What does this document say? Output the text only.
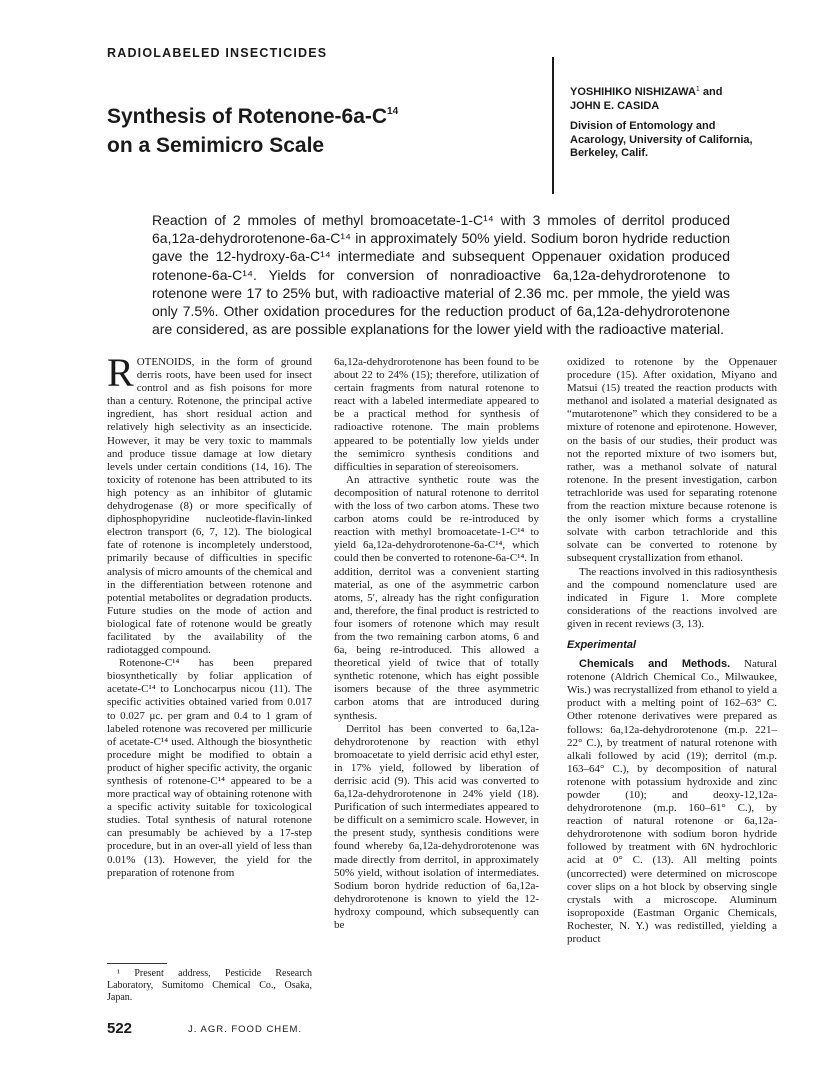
RADIOLABELED INSECTICIDES
Synthesis of Rotenone-$6a-C^{14}$
on a Semimicro Scale
YOSHIHIKO NISHIZAWA$^1$ and
JOHN E. CASIDA
Division of Entomology and
Acarology, University of California,
Berkeley, Calif.

Reaction of 2 mmoles of methyl bromoacetate-1-C¹⁴ with 3 mmoles of derritol produced 6a,12a-dehydrorotenone-6a-C¹⁴ in approximately 50% yield. Sodium boron hydride reduction gave the 12-hydroxy-6a-C¹⁴ intermediate and subsequent Oppenauer oxidation produced rotenone-6a-C¹⁴. Yields for conversion of nonradioactive 6a,12a-dehydrorotenone to rotenone were 17 to 25% but, with radioactive material of 2.36 mc. per mmole, the yield was only 7.5%. Other oxidation procedures for the reduction product of 6a,12a-dehydrorotenone are considered, as are possible explanations for the lower yield with the radioactive material.

ROTENOIDS, in the form of ground derris roots, have been used for insect control and as fish poisons for more than a century. Rotenone, the principal active ingredient, has short residual action and relatively high selectivity as an insecticide. However, it may be very toxic to mammals and produce tissue damage at low dietary levels under certain conditions (14, 16). The toxicity of rotenone has been attributed to its high potency as an inhibitor of glutamic dehydrogenase (8) or more specifically of diphosphopyridine nucleotide-flavin-linked electron transport (6, 7, 12). The biological fate of rotenone is incompletely understood, primarily because of difficulties in specific analysis of micro amounts of the chemical and in the differentiation between rotenone and potential metabolites or degradation products. Future studies on the mode of action and biological fate of rotenone would be greatly facilitated by the availability of the radiotagged compound.

Rotenone-C¹⁴ has been prepared biosynthetically by foliar application of acetate-C¹⁴ to Lonchocarpus nicou (11). The specific activities obtained varied from 0.017 to 0.027 μc. per gram and 0.4 to 1 gram of labeled rotenone was recovered per millicurie of acetate-C¹⁴ used. Although the biosynthetic procedure might be modified to obtain a product of higher specific activity, the organic synthesis of rotenone-C¹⁴ appeared to be a more practical way of obtaining rotenone with a specific activity suitable for toxicological studies. Total synthesis of natural rotenone can presumably be achieved by a 17-step procedure, but in an over-all yield of less than 0.01% (13). However, the yield for the preparation of rotenone from

6a,12a-dehydrorotenone has been found to be about 22 to 24% (15); therefore, utilization of certain fragments from natural rotenone to react with a labeled intermediate appeared to be a practical method for synthesis of radioactive rotenone. The main problems appeared to be potentially low yields under the semimicro synthesis conditions and difficulties in separation of stereoisomers.

An attractive synthetic route was the decomposition of natural rotenone to derritol with the loss of two carbon atoms. These two carbon atoms could be re-introduced by reaction with methyl bromoacetate-1-C¹⁴ to yield 6a,12a-dehydrorotenone-6a-C¹⁴, which could then be converted to rotenone-6a-C¹⁴. In addition, derritol was a convenient starting material, as one of the asymmetric carbon atoms, 5′, already has the right configuration and, therefore, the final product is restricted to four isomers of rotenone which may result from the two remaining carbon atoms, 6 and 6a, being re-introduced. This allowed a theoretical yield of twice that of totally synthetic rotenone, which has eight possible isomers because of the three asymmetric carbon atoms that are introduced during synthesis.

Derritol has been converted to 6a,12a-dehydrorotenone by reaction with ethyl bromoacetate to yield derrisic acid ethyl ester, in 17% yield, followed by liberation of derrisic acid (9). This acid was converted to 6a,12a-dehydrorotenone in 24% yield (18). Purification of such intermediates appeared to be difficult on a semimicro scale. However, in the present study, synthesis conditions were found whereby 6a,12a-dehydrorotenone was made directly from derritol, in approximately 50% yield, without isolation of intermediates. Sodium boron hydride reduction of 6a,12a-dehydrorotenone is known to yield the 12-hydroxy compound, which subsequently can be

oxidized to rotenone by the Oppenauer procedure (15). After oxidation, Miyano and Matsui (15) treated the reaction products with methanol and isolated a material designated as “mutarotenone” which they considered to be a mixture of rotenone and epirotenone. However, on the basis of our studies, their product was not the reported mixture of two isomers but, rather, was a methanol solvate of natural rotenone. In the present investigation, carbon tetrachloride was used for separating rotenone from the reaction mixture because rotenone is the only isomer which forms a crystalline solvate with carbon tetrachloride and this solvate can be converted to rotenone by subsequent crystallization from ethanol.

The reactions involved in this radiosynthesis and the compound nomenclature used are indicated in Figure 1. More complete considerations of the reactions involved are given in recent reviews (3, 13).

Experimental

Chemicals and Methods. Natural rotenone (Aldrich Chemical Co., Milwaukee, Wis.) was recrystallized from ethanol to yield a product with a melting point of 162–63° C. Other rotenone derivatives were prepared as follows: 6a,12a-dehydrorotenone (m.p. 221–22° C.), by treatment of natural rotenone with alkali followed by acid (19); derritol (m.p. 163–64° C.), by decomposition of natural rotenone with potassium hydroxide and zinc powder (10); and deoxy-12,12a-dehydrorotenone (m.p. 160–61° C.), by reaction of natural rotenone or 6a,12a-dehydrorotenone with sodium boron hydride followed by treatment with 6N hydrochloric acid at 0° C. (13). All melting points (uncorrected) were determined on microscope cover slips on a hot block by observing single crystals with a microscope. Aluminum isopropoxide (Eastman Organic Chemicals, Rochester, N. Y.) was redistilled, yielding a product

¹ Present address, Pesticide Research Laboratory, Sumitomo Chemical Co., Osaka, Japan.

522	J. AGR. FOOD CHEM.
